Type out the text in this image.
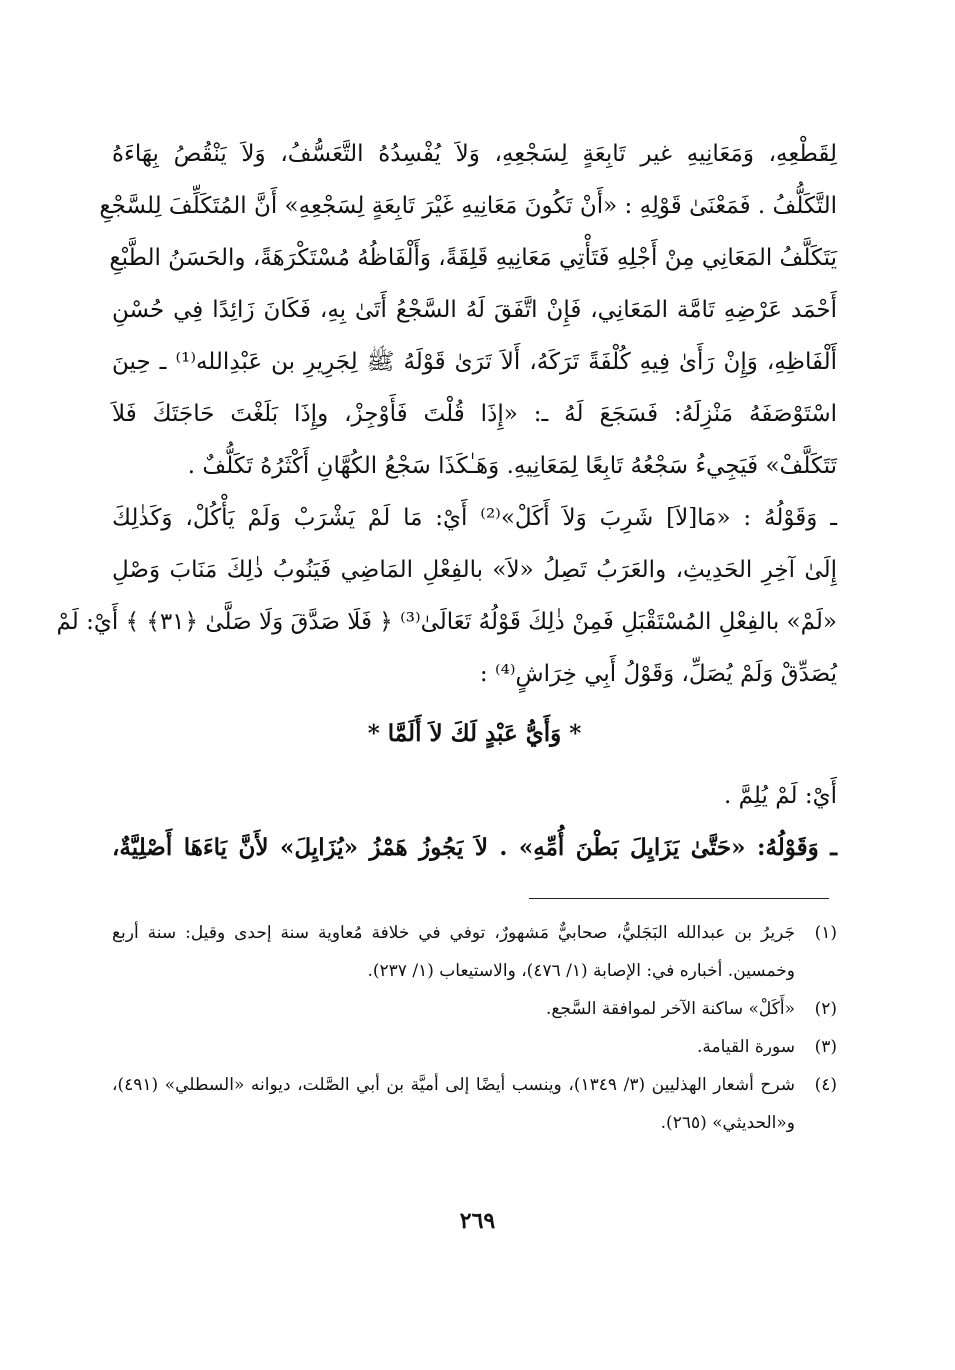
لِقَطْعِهِ، وَمَعَانِيهِ غير تَابِعَةٍ لِسَجْعِهِ، وَلاَ يُفْسِدُهُ التَّعَسُّفُ، وَلاَ يَنْقُصُ بِهَاءَهُ
التَّكَلُّفُ . فَمَعْنَىٰ قَوْلِهِ : «أَنْ تَكُونَ مَعَانِيهِ غَيْرَ تَابِعَةٍ لِسَجْعِهِ» أَنَّ المُتَكَلِّفَ لِلسَّجْعِ
يَتَكَلَّفُ المَعَانِي مِنْ أَجْلِهِ فَتَأْتِي مَعَانِيهِ قَلِقَةً، وَأَلْفَاظُهُ مُسْتَكْرَهَةً، والحَسَنُ الطَّبْعِ
أَحْمَد عَرْضِهِ تَامَّة المَعَانِي، فَإِنْ اتَّفَقَ لَهُ السَّجْعُ أَتَىٰ بِهِ، فَكَانَ زَائِدًا فِي حُسْنِ
أَلْفَاظِهِ، وَإِنْ رَأَىٰ فِيهِ كُلْفَةً تَرَكَهُ، أَلاَ تَرَىٰ قَوْلَهُ ﷺ لِجَرِيرِ بن عَبْدِالله⁽¹⁾ ـ حِينَ
اسْتَوْصَفَهُ مَنْزِلَهُ: فَسَجَعَ لَهُ ـ: «إِذَا قُلْتَ فَأَوْجِزْ، وإِذَا بَلَغْتَ حَاجَتَكَ فَلاَ
تَتَكَلَّفْ» فَيَجِيءُ سَجْعُهُ تَابِعًا لِمَعَانِيهِ. وَهَـٰكَذَا سَجْعُ الكُهَّانِ أَكْثَرُهُ تَكَلُّفٌ .
ـ وَقَوْلُهُ : «مَا[لاَ] شَرِبَ وَلاَ أَكَلْ»⁽²⁾ أَيْ: مَا لَمْ يَشْرَبْ وَلَمْ يَأْكُلْ، وَكَذٰلِكَ
إِلَىٰ آخِرِ الحَدِيثِ، والعَرَبُ تَصِلُ «لاَ» بالفِعْلِ المَاضِي فَيَنُوبُ ذٰلِكَ مَنَابَ وَصْلِ
«لَمْ» بالفِعْلِ المُسْتَقْبَلِ فَمِنْ ذٰلِكَ قَوْلُهُ تَعَالَىٰ⁽³⁾ ﴿ فَلَا صَدَّقَ وَلَا صَلَّىٰ ﴿٣١﴾ ﴾ أَيْ: لَمْ
يُصَدِّقْ وَلَمْ يُصَلِّ، وَقَوْلُ أَبِي خِرَاشٍ⁽⁴⁾ :
* وَأَيُّ عَبْدٍ لَكَ لاَ أَلَمَّا *
أَيْ: لَمْ يُلِمَّ .
ـ وَقَوْلُهُ: «حَتَّىٰ يَزَايِلَ بَطْنَ أُمِّهِ» . لاَ يَجُوزُ هَمْزُ «يُزَايِلَ» لأَنَّ يَاءَهَا أَصْلِيَّةٌ،
(١)
جَريرُ بن عبدالله البَجَليُّ، صحابيٌّ مَشهورٌ، توفي في خلافة مُعاوية سنة إحدى وقيل: سنة أربع وخمسين. أخباره في: الإصابة (١/ ٤٧٦)، والاستيعاب (١/ ٢٣٧).
(٢)
«أَكَلْ» ساكنة الآخر لموافقة السَّجع.
(٣)
سورة القيامة.
(٤)
شرح أشعار الهذليين (٣/ ١٣٤٩)، وينسب أيضًا إلى أميَّة بن أبي الصَّلت، ديوانه «السطلي» (٤٩١)، و«الحديثي» (٢٦٥).
٢٦٩
